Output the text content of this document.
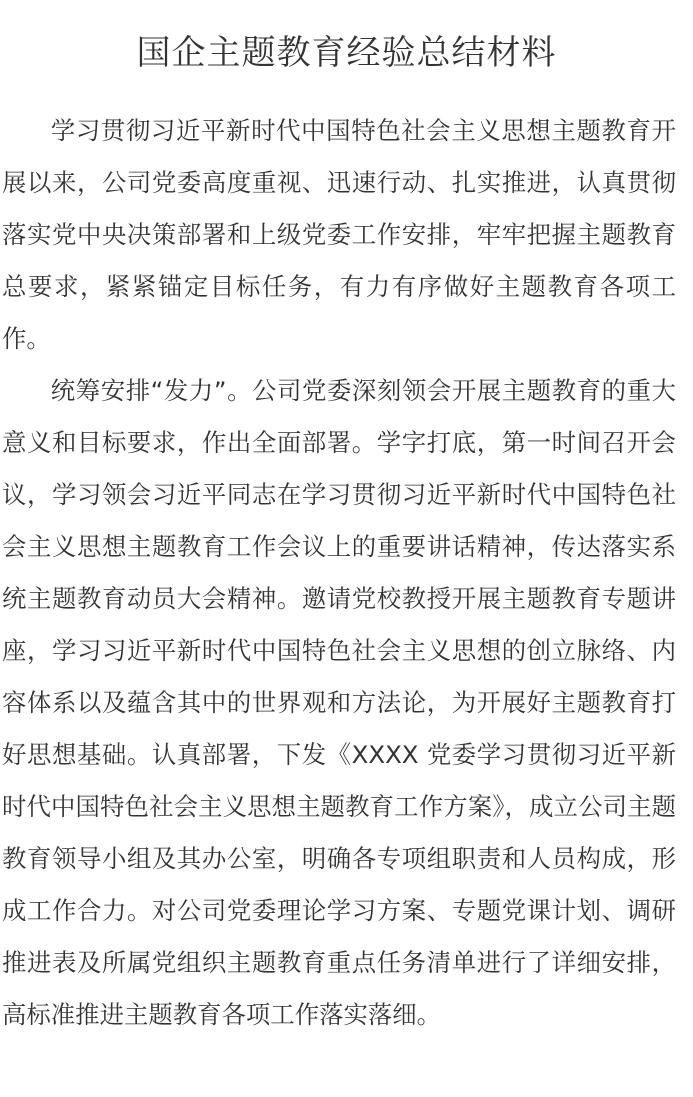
国企主题教育经验总结材料

学习贯彻习近平新时代中国特色社会主义思想主题教育开展以来，公司党委高度重视、迅速行动、扎实推进，认真贯彻落实党中央决策部署和上级党委工作安排，牢牢把握主题教育总要求，紧紧锚定目标任务，有力有序做好主题教育各项工作。

统筹安排“发力”。公司党委深刻领会开展主题教育的重大意义和目标要求，作出全面部署。学字打底，第一时间召开会议，学习领会习近平同志在学习贯彻习近平新时代中国特色社会主义思想主题教育工作会议上的重要讲话精神，传达落实系统主题教育动员大会精神。邀请党校教授开展主题教育专题讲座，学习习近平新时代中国特色社会主义思想的创立脉络、内容体系以及蕴含其中的世界观和方法论，为开展好主题教育打好思想基础。认真部署，下发《XXXX 党委学习贯彻习近平新时代中国特色社会主义思想主题教育工作方案》，成立公司主题教育领导小组及其办公室，明确各专项组职责和人员构成，形成工作合力。对公司党委理论学习方案、专题党课计划、调研推进表及所属党组织主题教育重点任务清单进行了详细安排，高标准推进主题教育各项工作落实落细。
